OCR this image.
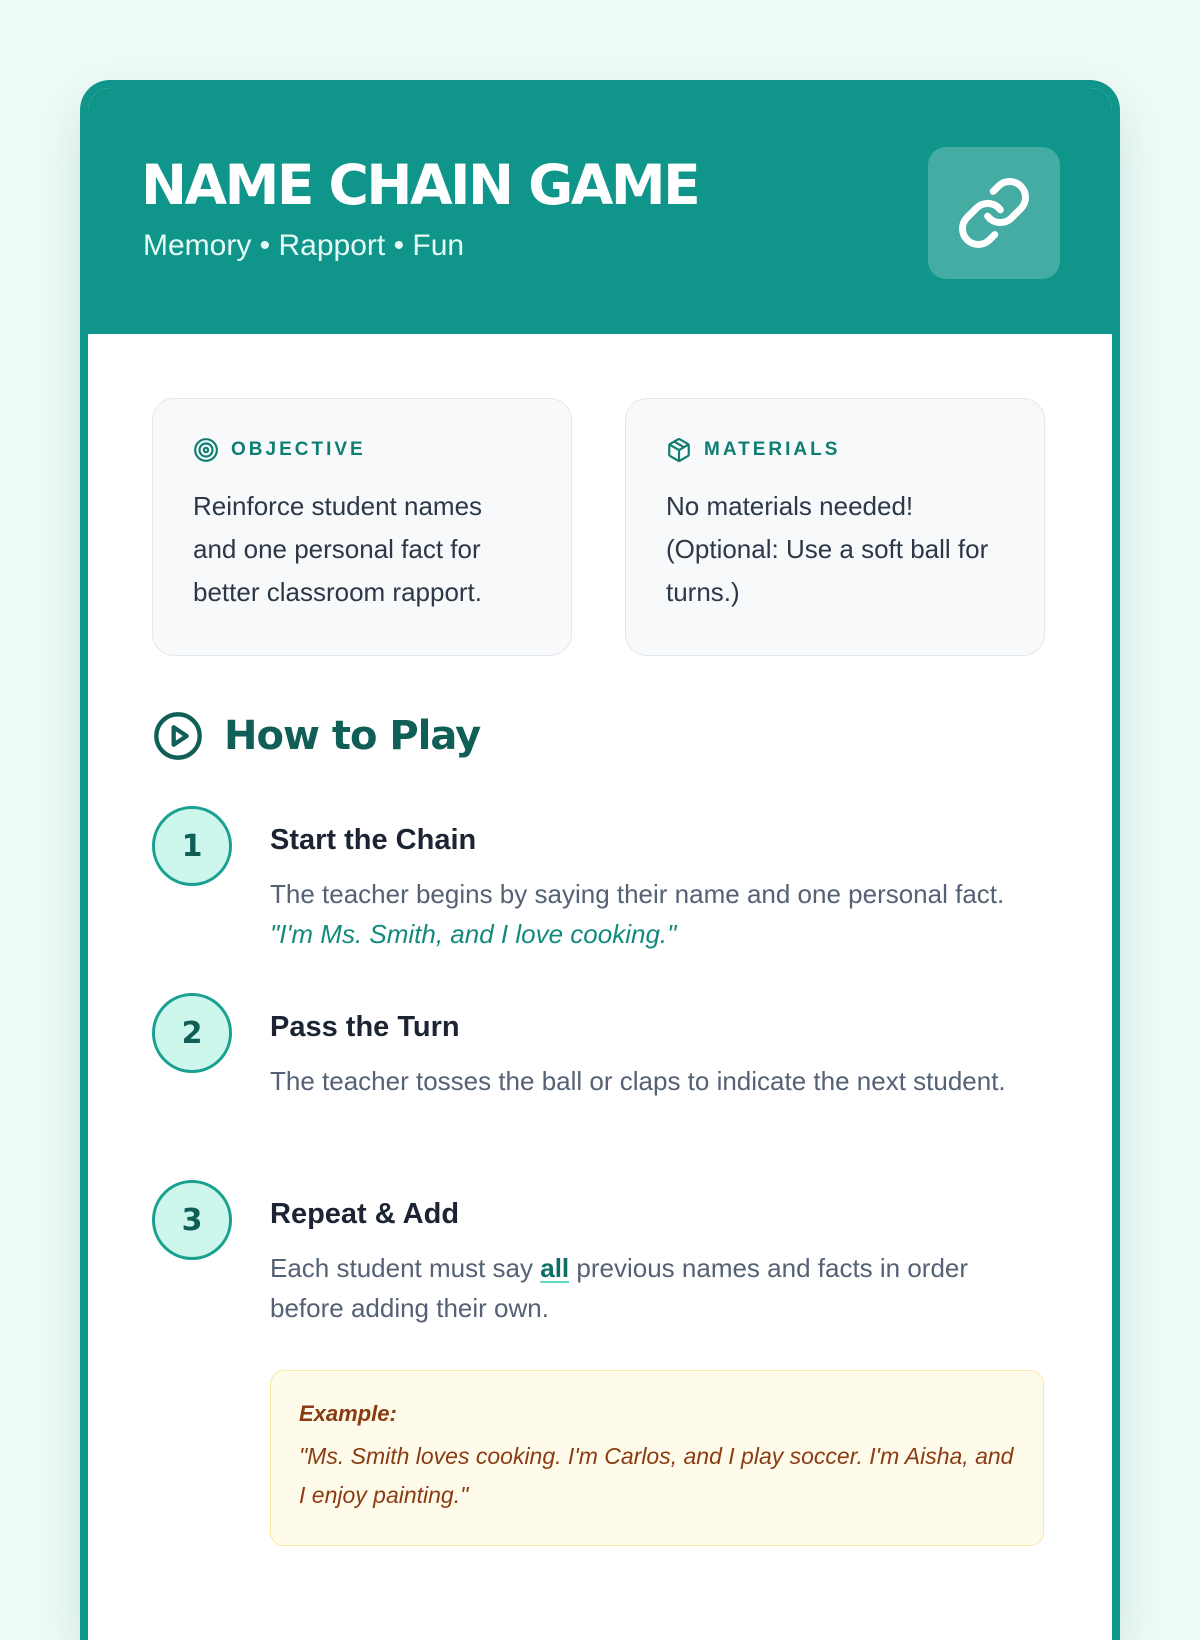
NAME CHAIN GAME
Memory • Rapport • Fun
OBJECTIVE
Reinforce student names and one personal fact for better classroom rapport.
MATERIALS
No materials needed! (Optional: Use a soft ball for turns.)
How to Play
1	Start the Chain
The teacher begins by saying their name and one personal fact.  "I'm Ms. Smith, and I love cooking."
2	Pass the Turn
The teacher tosses the ball or claps to indicate the next student.
3	Repeat & Add
Each student must say all previous names and facts in order before adding their own.
Example:
"Ms. Smith loves cooking. I'm Carlos, and I play soccer. I'm Aisha, and I enjoy painting."
